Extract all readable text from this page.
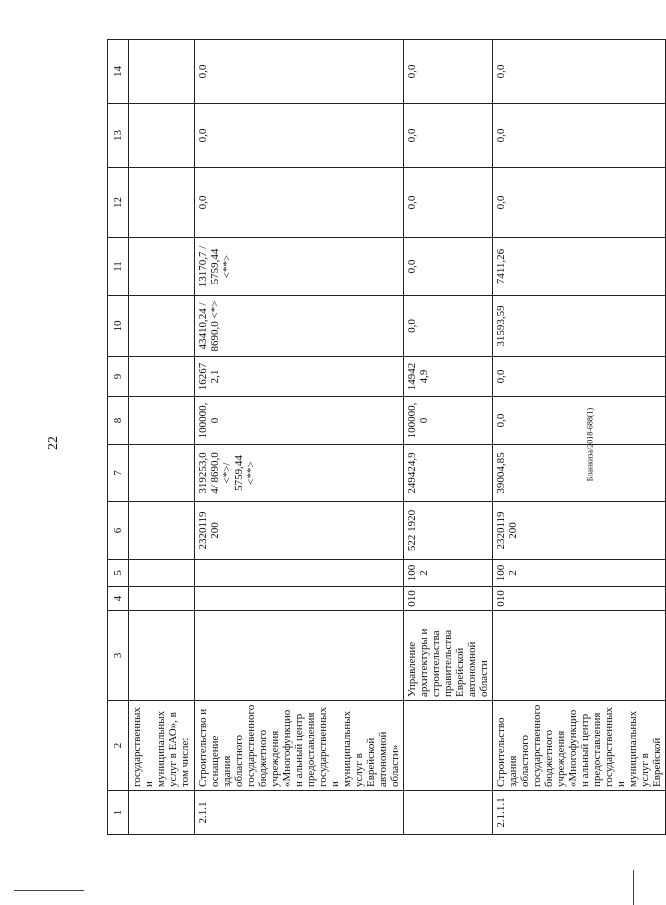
22	Бланкиза/2018-688(1)
1	2	3	4	5	6	7	8	9	10	11	12	13	14
	государственных и муниципальных услуг в ЕАО», в том числе:												
2.1.1	Строительство и оснащение здания областного государственного бюджетного учреждения «Многофункцион альный центр предоставления государственных и муниципальных услуг в Еврейской автономной области»				2320119 200	319253,0 4/ 8690,0 <*>/ 5759,44 <**>	100000, 0	16267 2,1	43410,24 / 8690,0 <*>	13170,7 / 5759,44 <**>	0,0	0,0	0,0
		Управление архитектуры и строительства правительства Еврейской автономной области	010	1002	522 1920	249424,9	100000, 0	14942 4,9	0,0	0,0	0,0	0,0	0,0
2.1.1.1	Строительство здания областного государственного бюджетного учреждения «Многофункцион альный центр предоставления государственных и муниципальных услуг в Еврейской		010	1002	2320119 200	39004,85	0,0	0,0	31593,59	7411,26	0,0	0,0	0,0
